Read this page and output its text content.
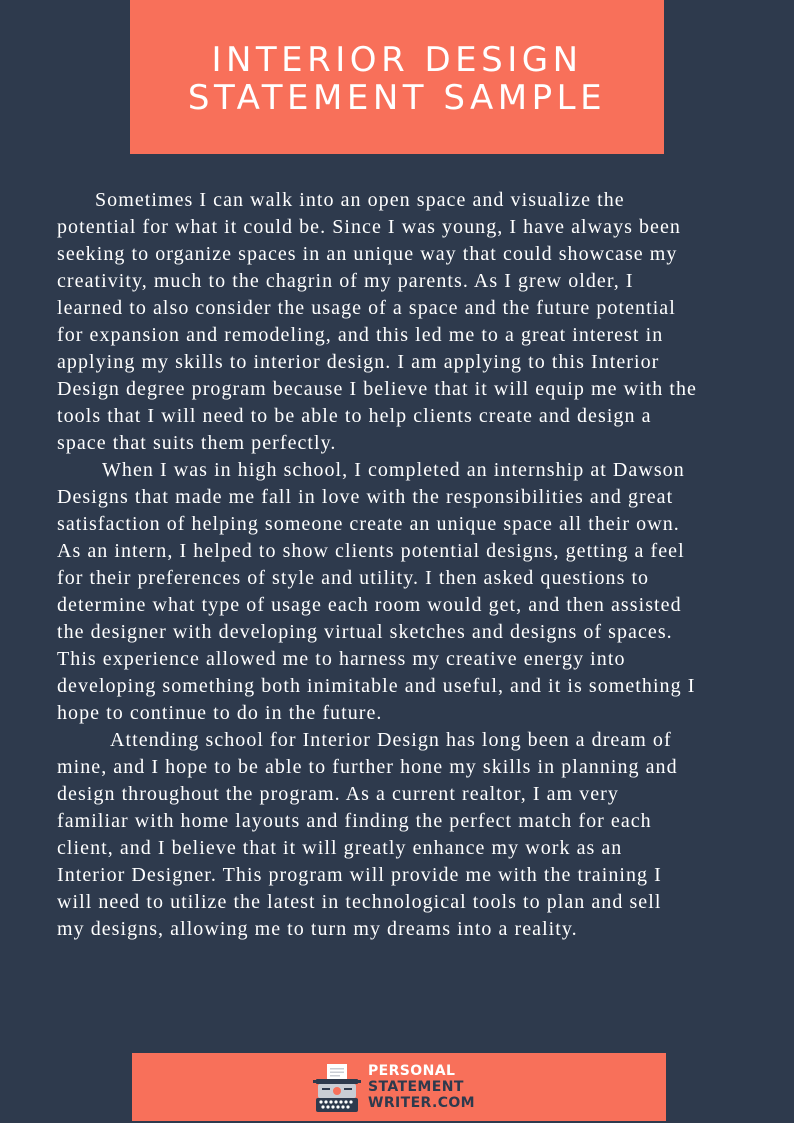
INTERIOR DESIGN
STATEMENT SAMPLE
Sometimes I can walk into an open space and visualize the
potential for what it could be. Since I was young, I have always been
seeking to organize spaces in an unique way that could showcase my
creativity, much to the chagrin of my parents. As I grew older, I
learned to also consider the usage of a space and the future potential
for expansion and remodeling, and this led me to a great interest in
applying my skills to interior design. I am applying to this Interior
Design degree program because I believe that it will equip me with the
tools that I will need to be able to help clients create and design a
space that suits them perfectly.
When I was in high school, I completed an internship at Dawson
Designs that made me fall in love with the responsibilities and great
satisfaction of helping someone create an unique space all their own.
As an intern, I helped to show clients potential designs, getting a feel
for their preferences of style and utility. I then asked questions to
determine what type of usage each room would get, and then assisted
the designer with developing virtual sketches and designs of spaces.
This experience allowed me to harness my creative energy into
developing something both inimitable and useful, and it is something I
hope to continue to do in the future.
Attending school for Interior Design has long been a dream of
mine, and I hope to be able to further hone my skills in planning and
design throughout the program. As a current realtor, I am very
familiar with home layouts and finding the perfect match for each
client, and I believe that it will greatly enhance my work as an
Interior Designer. This program will provide me with the training I
will need to utilize the latest in technological tools to plan and sell
my designs, allowing me to turn my dreams into a reality.
PERSONAL
STATEMENT
WRITER.COM
